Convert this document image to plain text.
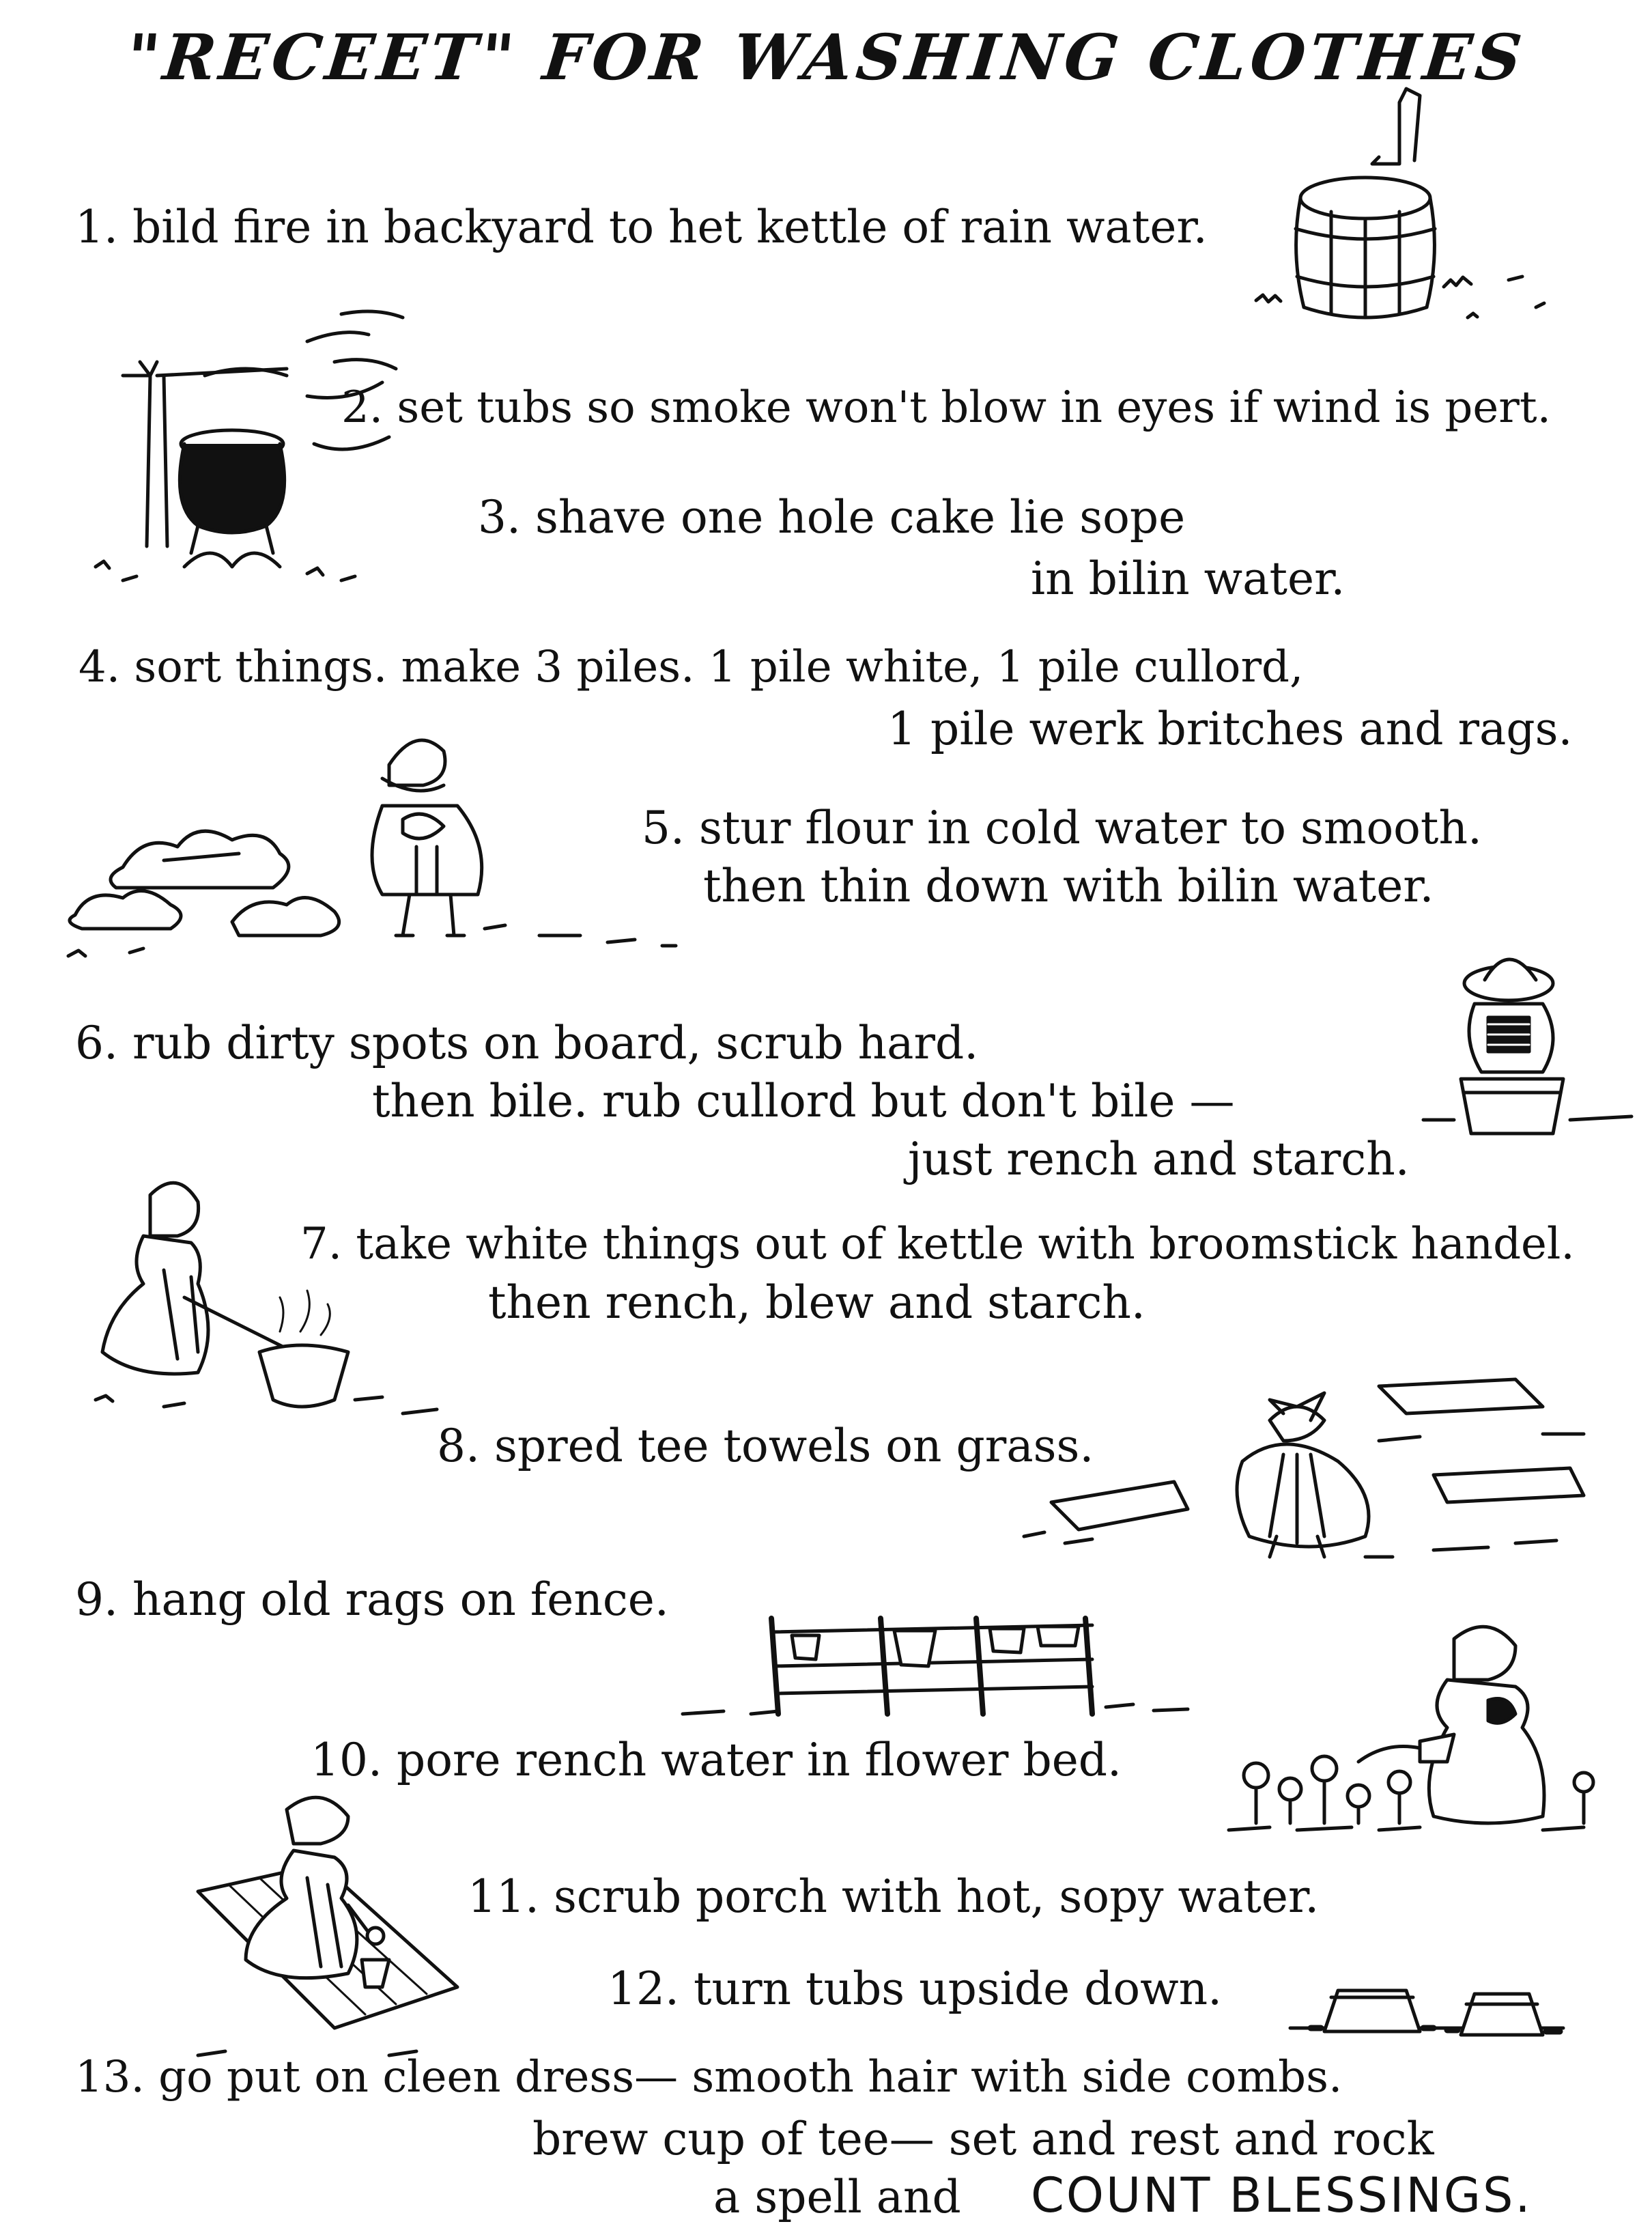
"RECEET" FOR WASHING CLOTHES
1. bild fire in backyard to het kettle of rain water.
2. set tubs so smoke won't blow in eyes if wind is pert.
3. shave one hole cake lie sope
in bilin water.
4. sort things. make 3 piles. 1 pile white, 1 pile cullord,
1 pile werk britches and rags.
5. stur flour in cold water to smooth.
then thin down with bilin water.
6. rub dirty spots on board, scrub hard.
then bile. rub cullord but don't bile —
just rench and starch.
7. take white things out of kettle with broomstick handel.
then rench, blew and starch.
8. spred tee towels on grass.
9. hang old rags on fence.
10. pore rench water in flower bed.
11. scrub porch with hot, sopy water.
12. turn tubs upside down.
13. go put on cleen dress— smooth hair with side combs.
brew cup of tee— set and rest and rock
a spell and COUNT BLESSINGS.
